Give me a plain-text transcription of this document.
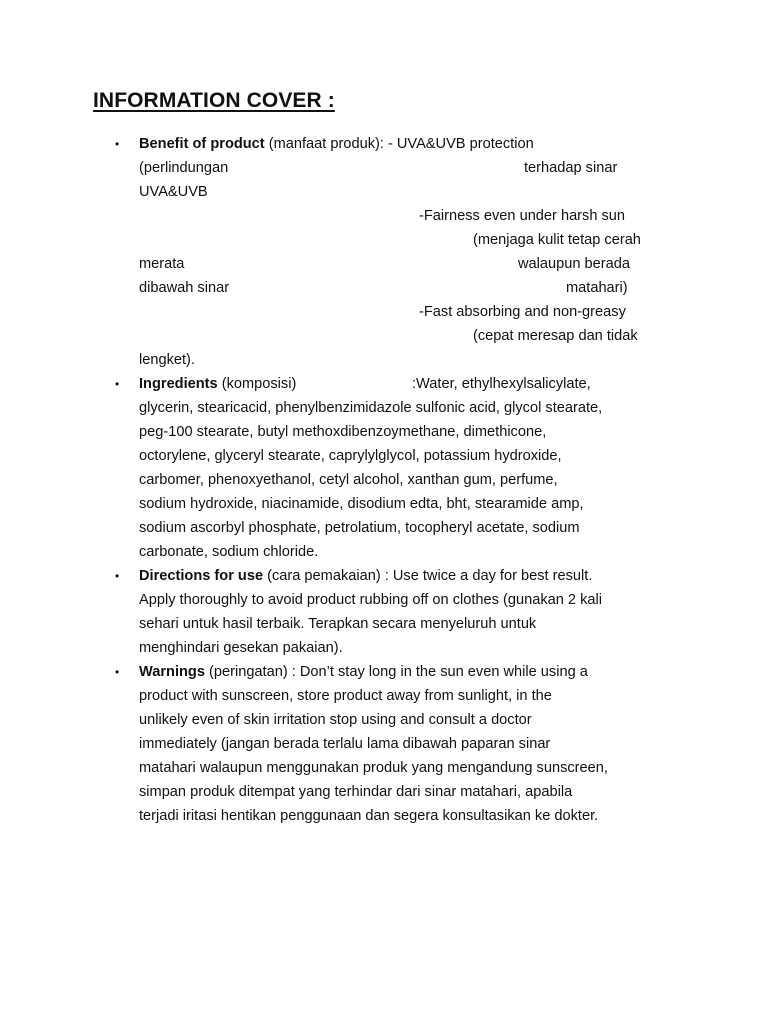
INFORMATION COVER :
• Benefit of product (manfaat produk): - UVA&UVB protection
(perlindungan	terhadap sinar
UVA&UVB
-Fairness even under harsh sun
(menjaga kulit tetap cerah
merata	walaupun berada
dibawah sinar	matahari)
-Fast absorbing and non-greasy
(cepat meresap dan tidak
lengket).
• Ingredients (komposisi)	:Water, ethylhexylsalicylate,
glycerin, stearicacid, phenylbenzimidazole sulfonic acid, glycol stearate,
peg-100 stearate, butyl methoxdibenzoymethane, dimethicone,
octorylene, glyceryl stearate, caprylylglycol, potassium hydroxide,
carbomer, phenoxyethanol, cetyl alcohol, xanthan gum, perfume,
sodium hydroxide, niacinamide, disodium edta, bht, stearamide amp,
sodium ascorbyl phosphate, petrolatium, tocopheryl acetate, sodium
carbonate, sodium chloride.
• Directions for use (cara pemakaian) : Use twice a day for best result.
Apply thoroughly to avoid product rubbing off on clothes (gunakan 2 kali
sehari untuk hasil terbaik. Terapkan secara menyeluruh untuk
menghindari gesekan pakaian).
• Warnings (peringatan) : Don’t stay long in the sun even while using a
product with sunscreen, store product away from sunlight, in the
unlikely even of skin irritation stop using and consult a doctor
immediately (jangan berada terlalu lama dibawah paparan sinar
matahari walaupun menggunakan produk yang mengandung sunscreen,
simpan produk ditempat yang terhindar dari sinar matahari, apabila
terjadi iritasi hentikan penggunaan dan segera konsultasikan ke dokter.
